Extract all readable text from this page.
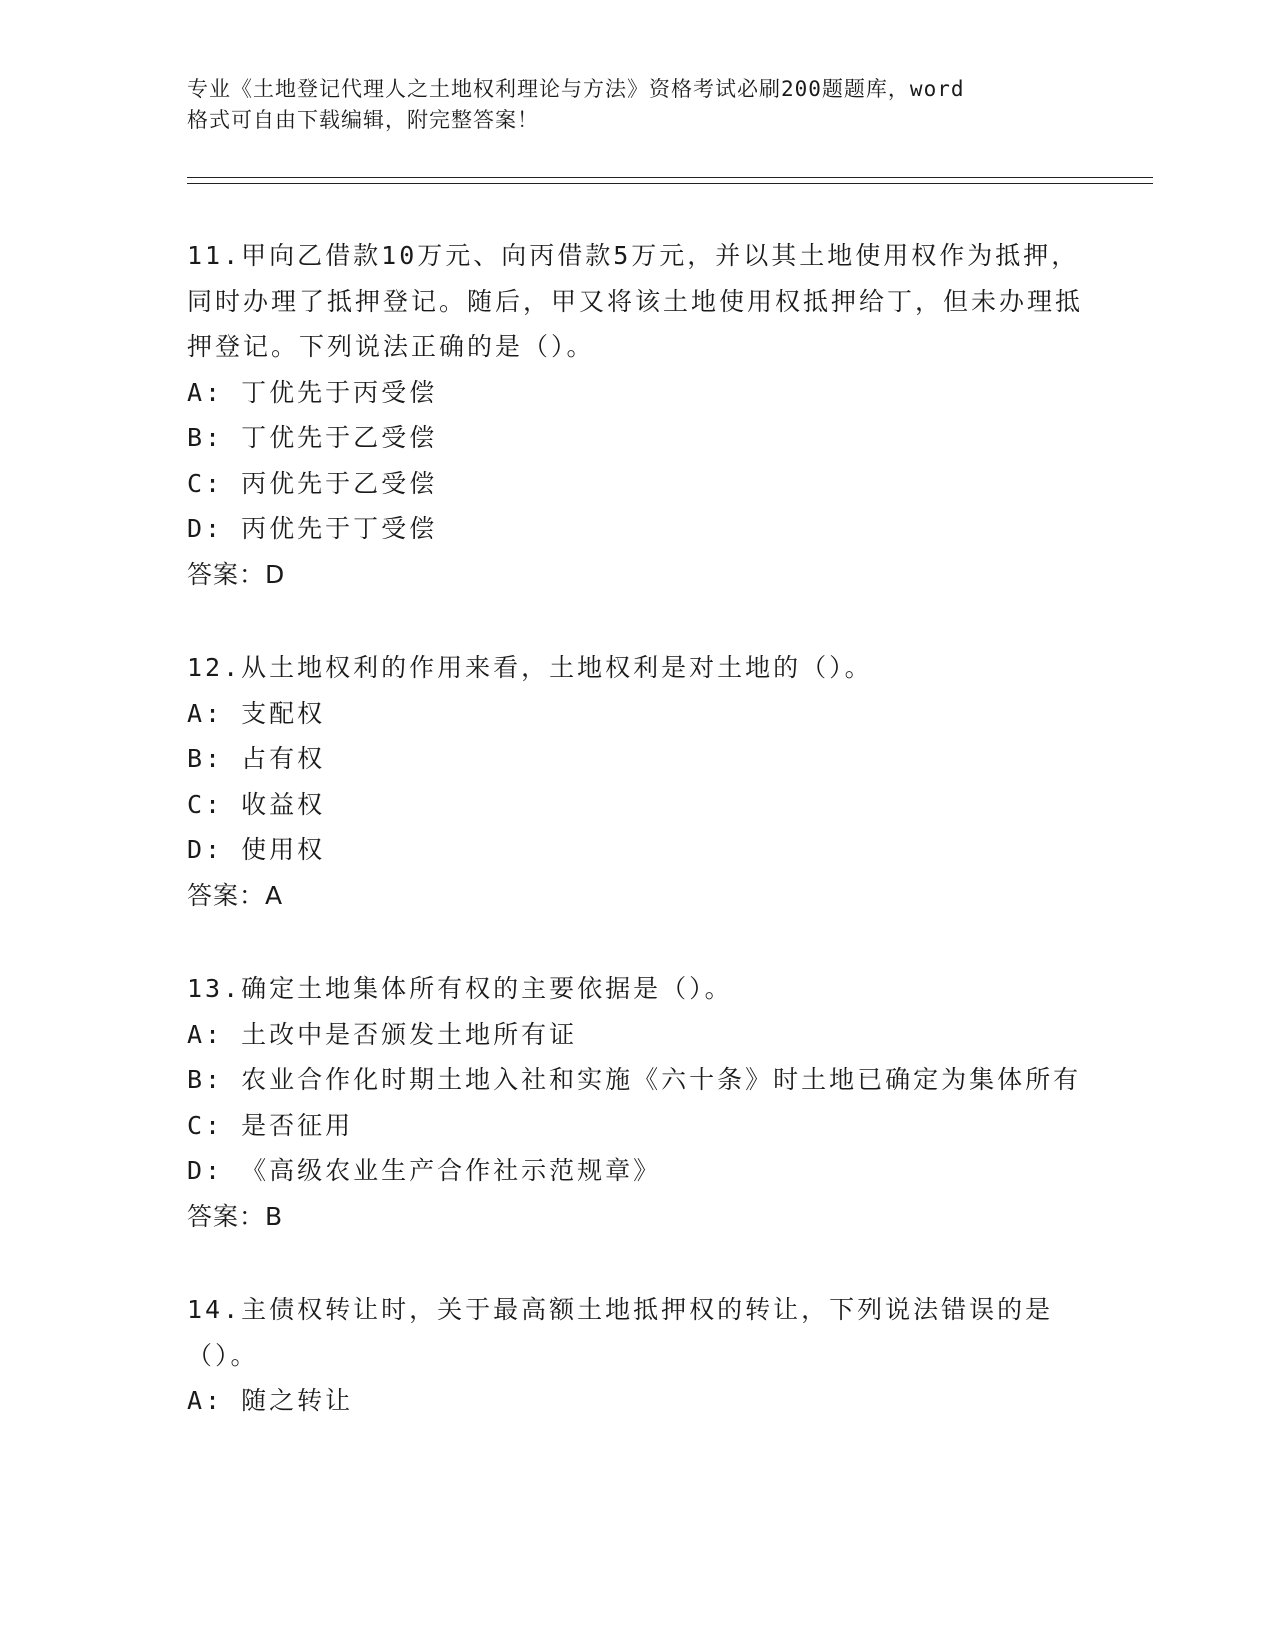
专业《土地登记代理人之土地权利理论与方法》资格考试必刷200题题库，word
格式可自由下载编辑，附完整答案！

11.甲向乙借款10万元、向丙借款5万元，并以其土地使用权作为抵押，同时办理了抵押登记。随后，甲又将该土地使用权抵押给丁，但未办理抵押登记。下列说法正确的是（）。

A: 丁优先于丙受偿

B: 丁优先于乙受偿

C: 丙优先于乙受偿

D: 丙优先于丁受偿

答案：D

12.从土地权利的作用来看，土地权利是对土地的（）。

A: 支配权

B: 占有权

C: 收益权

D: 使用权

答案：A

13.确定土地集体所有权的主要依据是（）。

A: 土改中是否颁发土地所有证

B: 农业合作化时期土地入社和实施《六十条》时土地已确定为集体所有

C: 是否征用

D: 《高级农业生产合作社示范规章》

答案：B

14.主债权转让时，关于最高额土地抵押权的转让，下列说法错误的是（）。

A: 随之转让
